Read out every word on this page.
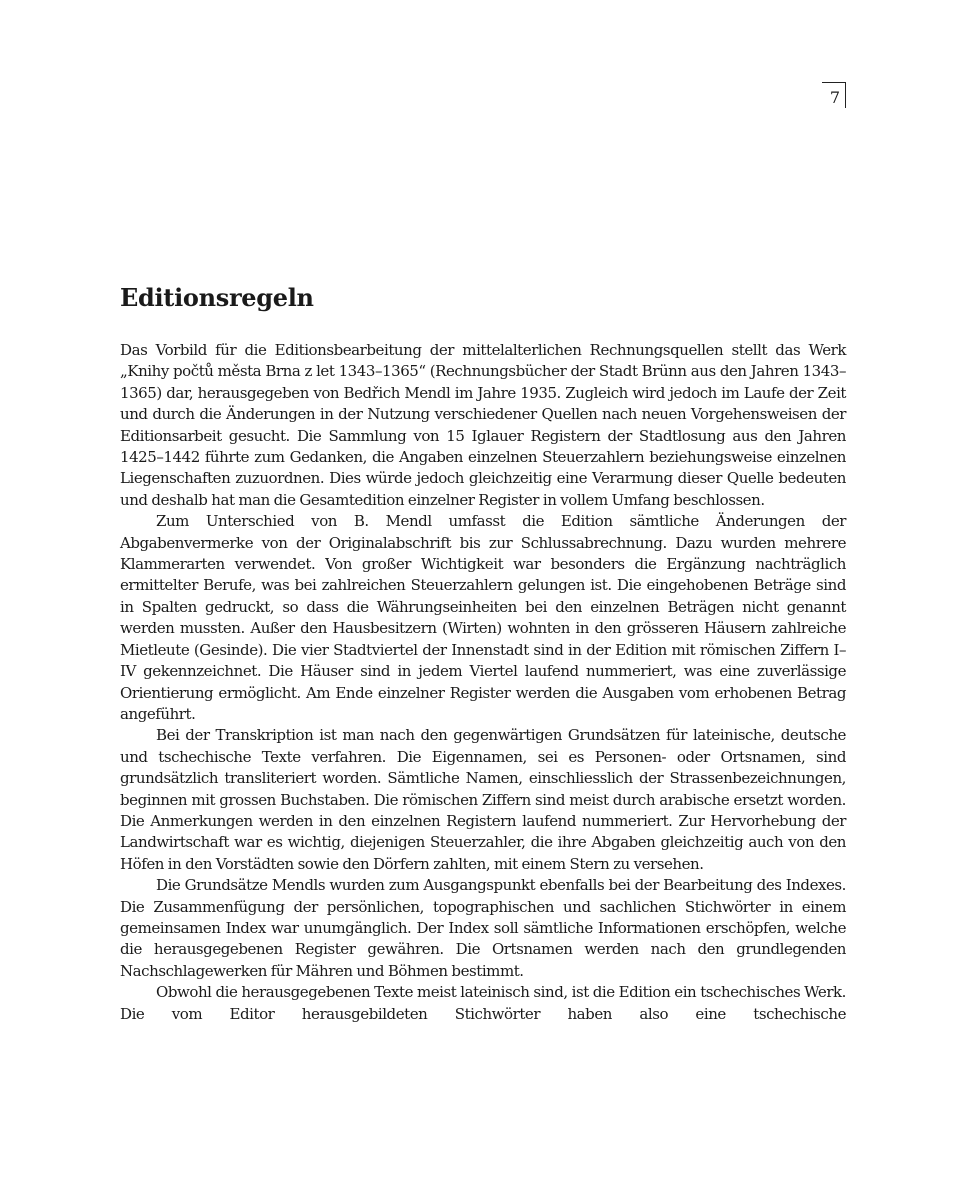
7
Editionsregeln

Das Vorbild für die Editionsbearbeitung der mittelalterlichen Rechnungsquellen stellt das Werk „Knihy počtů města Brna z let 1343–1365“ (Rechnungsbücher der Stadt Brünn aus den Jahren 1343–1365) dar, herausgegeben von Bedřich Mendl im Jahre 1935. Zugleich wird jedoch im Laufe der Zeit und durch die Änderungen in der Nutzung verschiedener Quellen nach neuen Vorgehensweisen der Editionsarbeit gesucht. Die Sammlung von 15 Iglauer Registern der Stadtlosung aus den Jahren 1425–1442 führte zum Gedanken, die Angaben einzelnen Steuerzahlern beziehungsweise einzelnen Liegenschaften zuzuordnen. Dies würde jedoch gleichzeitig eine Verarmung dieser Quelle bedeuten und deshalb hat man die Gesamtedition einzelner Register in vollem Umfang beschlossen.

Zum Unterschied von B. Mendl umfasst die Edition sämtliche Änderungen der Abgabenvermerke von der Originalabschrift bis zur Schlussabrechnung. Dazu wurden mehrere Klammerarten verwendet. Von großer Wichtigkeit war besonders die Ergänzung nachträglich ermittelter Berufe, was bei zahlreichen Steuerzahlern gelungen ist. Die eingehobenen Beträge sind in Spalten gedruckt, so dass die Währungseinheiten bei den einzelnen Beträgen nicht genannt werden mussten. Außer den Hausbesitzern (Wirten) wohnten in den grösseren Häusern zahlreiche Mietleute (Gesinde). Die vier Stadtviertel der Innenstadt sind in der Edition mit römischen Ziffern I–IV gekennzeichnet. Die Häuser sind in jedem Viertel laufend nummeriert, was eine zuverlässige Orientierung ermöglicht. Am Ende einzelner Register werden die Ausgaben vom erhobenen Betrag angeführt.

Bei der Transkription ist man nach den gegenwärtigen Grundsätzen für lateinische, deutsche und tschechische Texte verfahren. Die Eigennamen, sei es Personen- oder Ortsnamen, sind grundsätzlich transliteriert worden. Sämtliche Namen, einschliesslich der Strassenbezeichnungen, beginnen mit grossen Buchstaben. Die römischen Ziffern sind meist durch arabische ersetzt worden. Die Anmerkungen werden in den einzelnen Registern laufend nummeriert. Zur Hervorhebung der Landwirtschaft war es wichtig, diejenigen Steuerzahler, die ihre Abgaben gleichzeitig auch von den Höfen in den Vorstädten sowie den Dörfern zahlten, mit einem Stern zu versehen.

Die Grundsätze Mendls wurden zum Ausgangspunkt ebenfalls bei der Bearbeitung des Indexes. Die Zusammenfügung der persönlichen, topographischen und sachlichen Stichwörter in einem gemeinsamen Index war unumgänglich. Der Index soll sämtliche Informationen erschöpfen, welche die herausgegebenen Register gewähren. Die Ortsnamen werden nach den grundlegenden Nachschlagewerken für Mähren und Böhmen bestimmt.

Obwohl die herausgegebenen Texte meist lateinisch sind, ist die Edition ein tschechisches Werk. Die vom Editor herausgebildeten Stichwörter haben also eine tschechische
